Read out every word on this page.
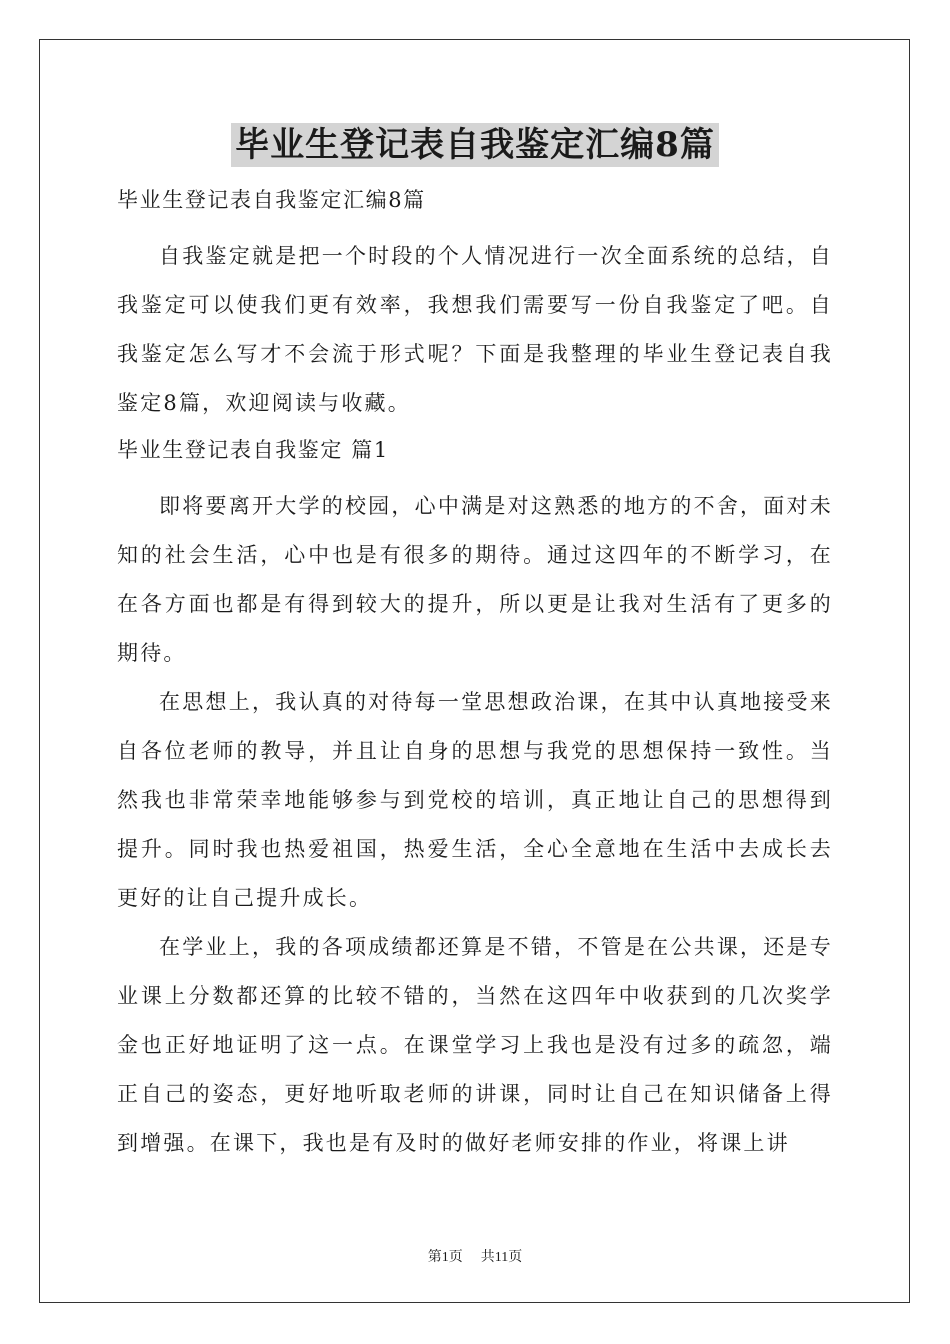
毕业生登记表自我鉴定汇编8篇
毕业生登记表自我鉴定汇编8篇

自我鉴定就是把一个时段的个人情况进行一次全面系统的总结，自我鉴定可以使我们更有效率，我想我们需要写一份自我鉴定了吧。自我鉴定怎么写才不会流于形式呢？下面是我整理的毕业生登记表自我鉴定8篇，欢迎阅读与收藏。

毕业生登记表自我鉴定 篇1

即将要离开大学的校园，心中满是对这熟悉的地方的不舍，面对未知的社会生活，心中也是有很多的期待。通过这四年的不断学习，在在各方面也都是有得到较大的提升，所以更是让我对生活有了更多的期待。

在思想上，我认真的对待每一堂思想政治课，在其中认真地接受来自各位老师的教导，并且让自身的思想与我党的思想保持一致性。当然我也非常荣幸地能够参与到党校的培训，真正地让自己的思想得到提升。同时我也热爱祖国，热爱生活，全心全意地在生活中去成长去更好的让自己提升成长。

在学业上，我的各项成绩都还算是不错，不管是在公共课，还是专业课上分数都还算的比较不错的，当然在这四年中收获到的几次奖学金也正好地证明了这一点。在课堂学习上我也是没有过多的疏忽，端正自己的姿态，更好地听取老师的讲课，同时让自己在知识储备上得到增强。在课下，我也是有及时的做好老师安排的作业，将课上讲

第1页 共11页
